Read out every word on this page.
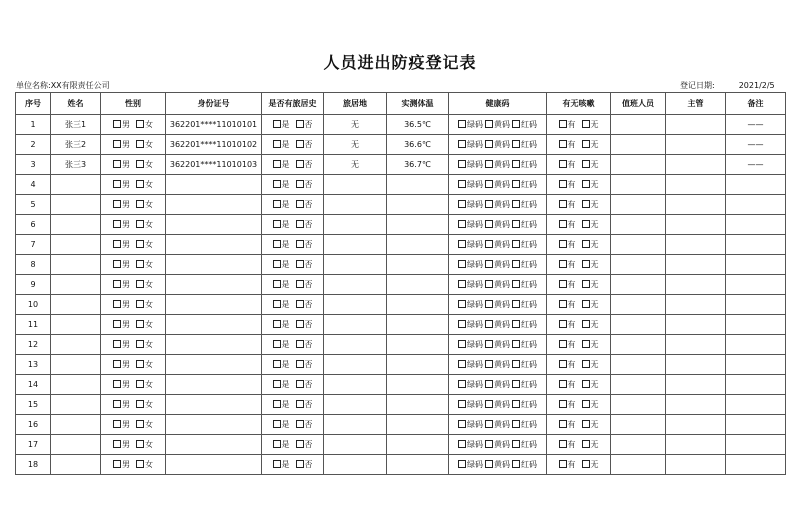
人员进出防疫登记表
单位名称:XX有限责任公司	登记日期:	2021/2/5
序号	姓名	性别	身份证号	是否有旅居史	旅居地	实测体温	健康码	有无咳嗽	值班人员	主管	备注
1	张三1	男 女	362201****11010101	是 否	无	36.5℃	绿码 黄码 红码	有 无			——
2	张三2	男 女	362201****11010102	是 否	无	36.6℃	绿码 黄码 红码	有 无			——
3	张三3	男 女	362201****11010103	是 否	无	36.7℃	绿码 黄码 红码	有 无			——
4		男 女		是 否			绿码 黄码 红码	有 无			
5		男 女		是 否			绿码 黄码 红码	有 无			
6		男 女		是 否			绿码 黄码 红码	有 无			
7		男 女		是 否			绿码 黄码 红码	有 无			
8		男 女		是 否			绿码 黄码 红码	有 无			
9		男 女		是 否			绿码 黄码 红码	有 无			
10		男 女		是 否			绿码 黄码 红码	有 无			
11		男 女		是 否			绿码 黄码 红码	有 无			
12		男 女		是 否			绿码 黄码 红码	有 无			
13		男 女		是 否			绿码 黄码 红码	有 无			
14		男 女		是 否			绿码 黄码 红码	有 无			
15		男 女		是 否			绿码 黄码 红码	有 无			
16		男 女		是 否			绿码 黄码 红码	有 无			
17		男 女		是 否			绿码 黄码 红码	有 无			
18		男 女		是 否			绿码 黄码 红码	有 无			
